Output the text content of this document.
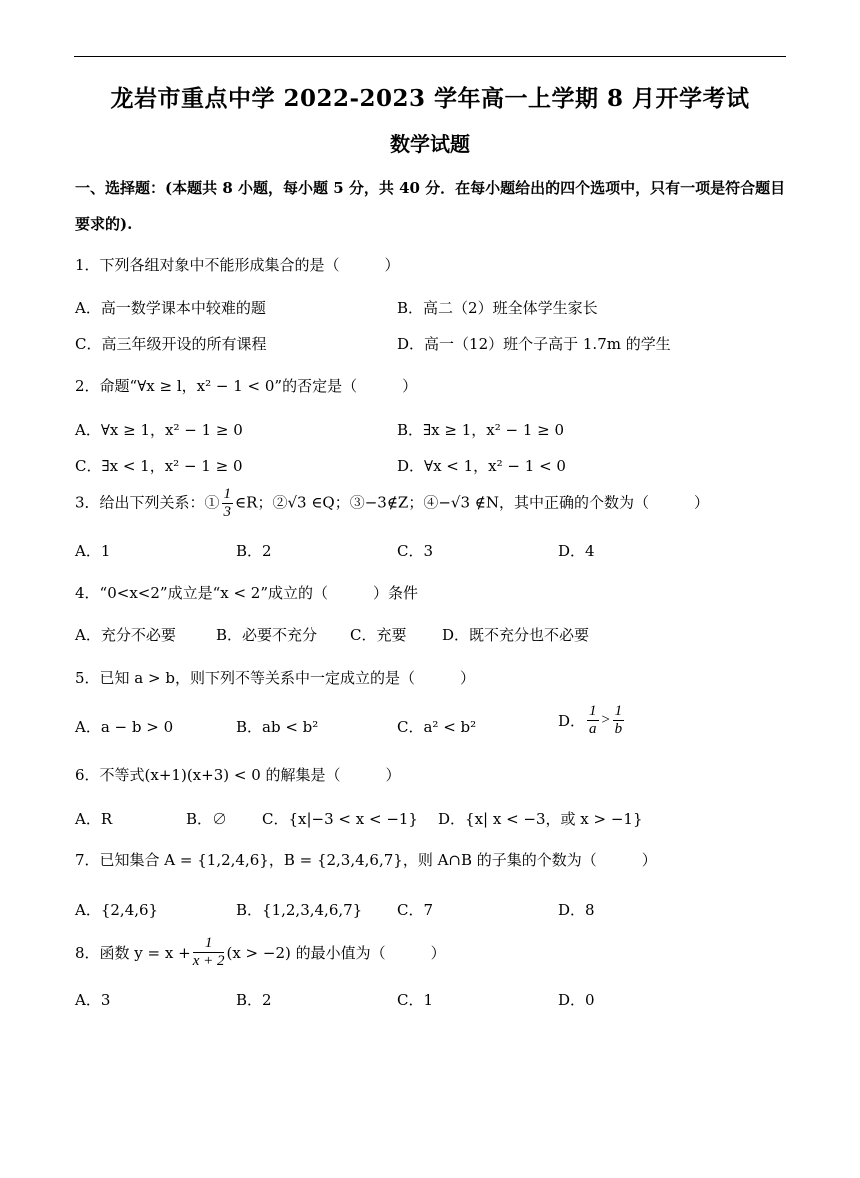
龙岩市重点中学 2022-2023 学年高一上学期 8 月开学考试
数学试题
一、选择题：(本题共 8 小题，每小题 5 分，共 40 分．在每小题给出的四个选项中，只有一项是符合题目要求的).
1．下列各组对象中不能形成集合的是（　　　）
A．高一数学课本中较难的题	B．高二（2）班全体学生家长
C．高三年级开设的所有课程	D．高一（12）班个子高于 1.7m 的学生
2．命题“∀x ≥ l，x² − 1 < 0”的否定是（　　　）
A．∀x ≥ 1，x² − 1 ≥ 0	B．∃x ≥ 1，x² − 1 ≥ 0
C．∃x < 1，x² − 1 ≥ 0	D．∀x < 1，x² − 1 < 0
3．给出下列关系：① $\frac{1}{3}$ ∈R；②√3 ∈Q；③−3∉Z；④−√3 ∉N，其中正确的个数为（　　　）
A．1	B．2	C．3	D．4
4．“0<x<2”成立是“x < 2”成立的（　　　）条件
A．充分不必要	B．必要不充分 C．充要 D．既不充分也不必要
5．已知 a > b，则下列不等关系中一定成立的是（　　　）
A．a − b > 0	B．ab < b²	C．a² < b²	D． $\frac{1}{a} > \frac{1}{b}$
6．不等式(x+1)(x+3) < 0 的解集是（　　　）
A．R	B．∅ C．{x|−3 < x < −1} D．{x| x < −3，或 x > −1}
7．已知集合 A = {1,2,4,6}，B = {2,3,4,6,7}，则 A∩B 的子集的个数为（　　　）
A．{2,4,6}	B．{1,2,3,4,6,7} C．7	D．8
8．函数 $y = x + \frac{1}{x + 2} (x > -2)$ 的最小值为（　　　）
A．3	B．2	C．1	D．0
